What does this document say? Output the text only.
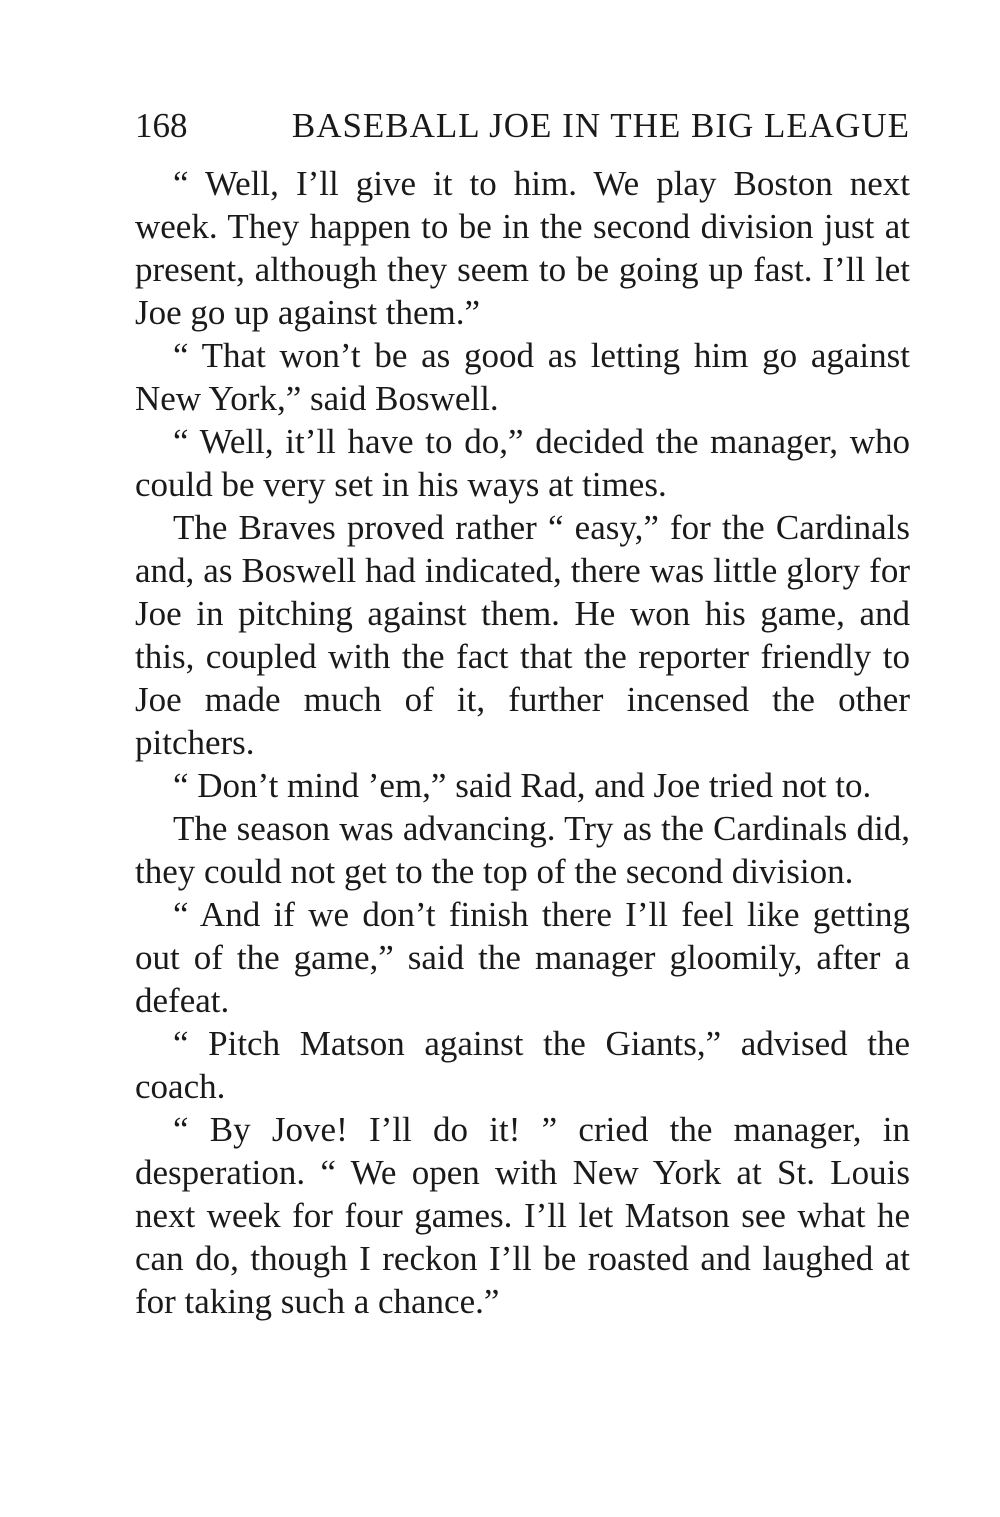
168	BASEBALL JOE IN THE BIG LEAGUE

“ Well, I’ll give it to him. We play Boston next week. They happen to be in the second division just at present, although they seem to be going up fast. I’ll let Joe go up against them.”

“ That won’t be as good as letting him go against New York,” said Boswell.

“ Well, it’ll have to do,” decided the manager, who could be very set in his ways at times.

The Braves proved rather “ easy,” for the Cardinals and, as Boswell had indicated, there was little glory for Joe in pitching against them. He won his game, and this, coupled with the fact that the reporter friendly to Joe made much of it, further incensed the other pitchers.

“ Don’t mind ’em,” said Rad, and Joe tried not to.

The season was advancing. Try as the Cardinals did, they could not get to the top of the second division.

“ And if we don’t finish there I’ll feel like getting out of the game,” said the manager gloomily, after a defeat.

“ Pitch Matson against the Giants,” advised the coach.

“ By Jove! I’ll do it! ” cried the manager, in desperation. “ We open with New York at St. Louis next week for four games. I’ll let Matson see what he can do, though I reckon I’ll be roasted and laughed at for taking such a chance.”
